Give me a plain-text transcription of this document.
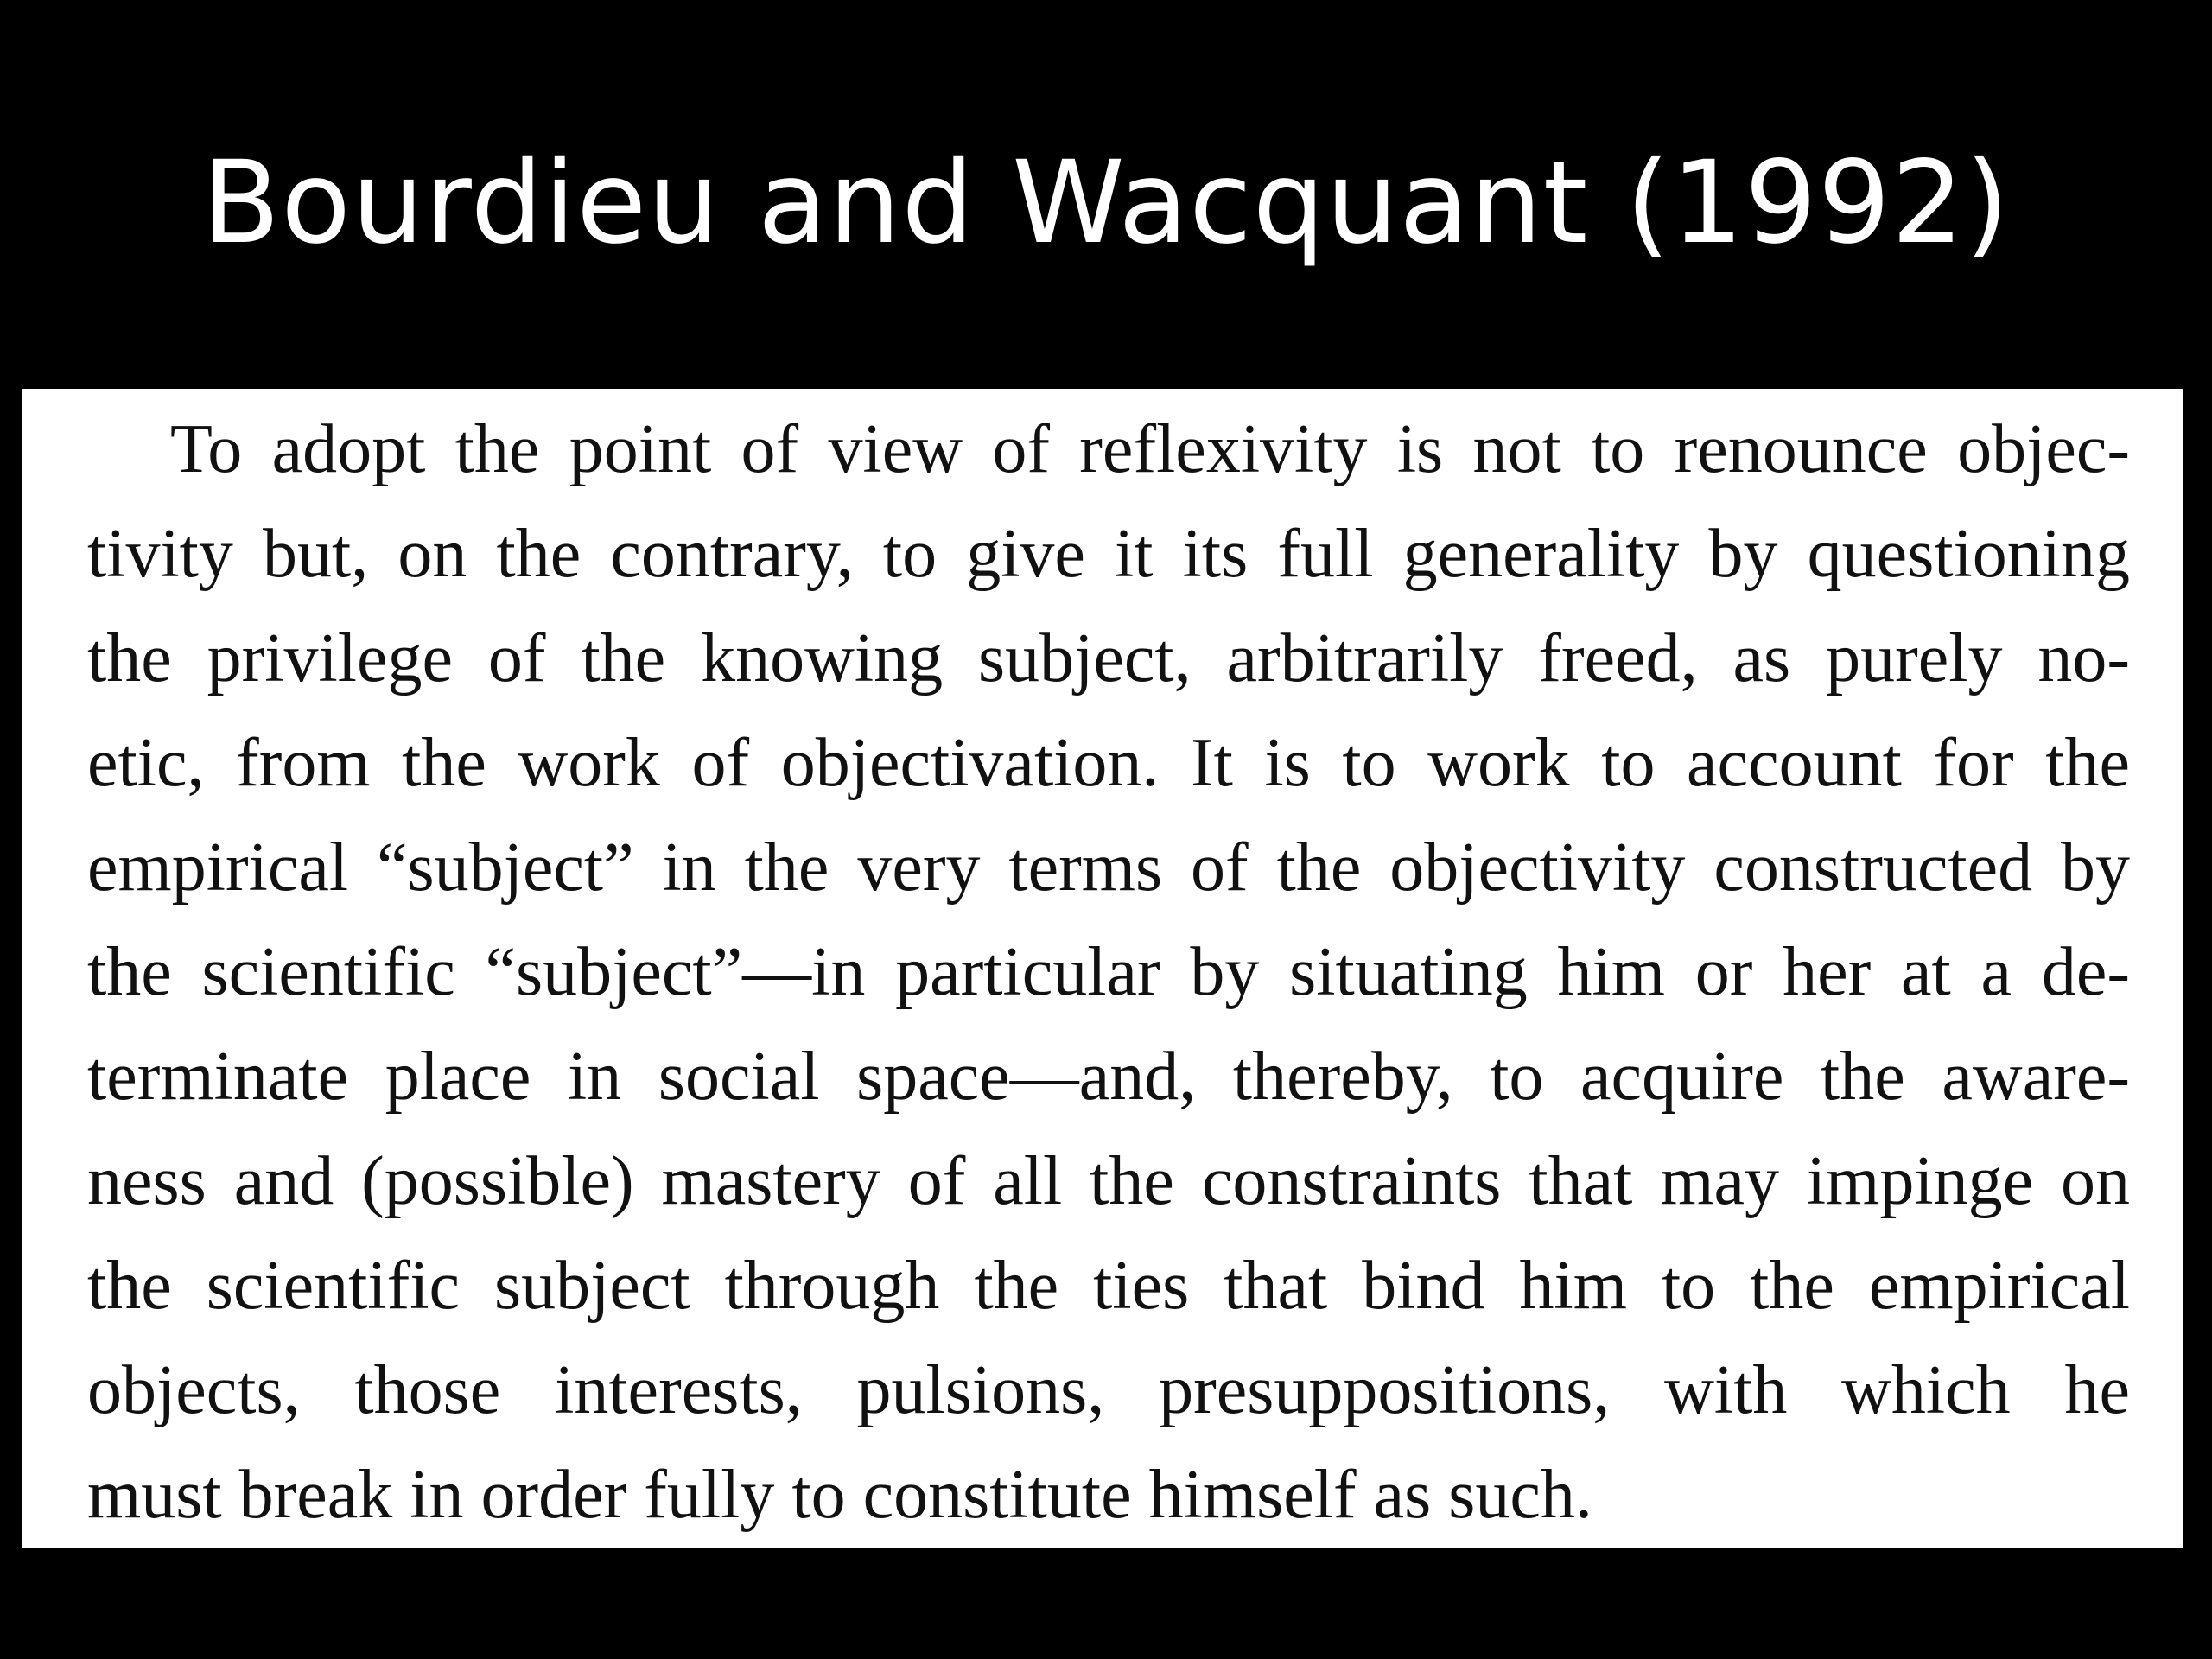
Bourdieu and Wacquant (1992)
To adopt the point of view of reflexivity is not to renounce objec-
tivity but, on the contrary, to give it its full generality by questioning
the privilege of the knowing subject, arbitrarily freed, as purely no-
etic, from the work of objectivation. It is to work to account for the
empirical “subject” in the very terms of the objectivity constructed by
the scientific “subject”—in particular by situating him or her at a de-
terminate place in social space—and, thereby, to acquire the aware-
ness and (possible) mastery of all the constraints that may impinge on
the scientific subject through the ties that bind him to the empirical
objects, those interests, pulsions, presuppositions, with which he
must break in order fully to constitute himself as such.
